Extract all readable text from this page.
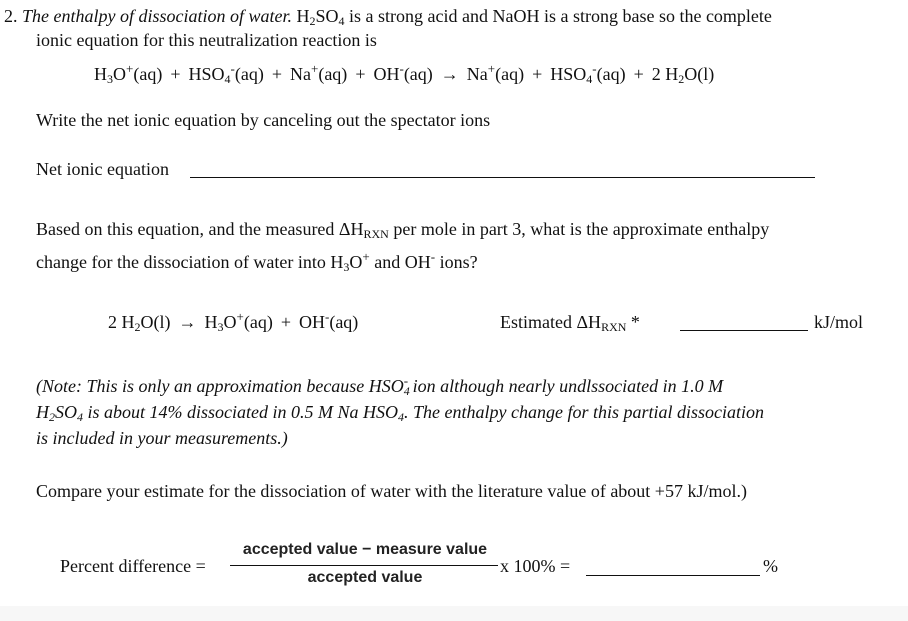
2. The enthalpy of dissociation of water. $H_2SO_4$ is a strong acid and NaOH is a strong base so the complete
ionic equation for this neutralization reaction is
$H_3O^+(aq) + HSO_4^-(aq) + Na^+(aq) + OH^-(aq) \to Na^+(aq) + HSO_4^-(aq) + 2$ $H_2O(l)$
Write the net ionic equation by canceling out the spectator ions
Net ionic equation
Based on this equation, and the measured $\Delta H_{RXN}$ per mole in part 3, what is the approximate enthalpy
change for the dissociation of water into $H_3O^+$ and OH- ions?
2 $H_2O(l) \to H_3O^+(aq) + OH^-(aq)$	Estimated $\Delta H_{RXN}$ *	kJ/mol
(Note: This is only an approximation because $HSO_4^-$ ion although nearly undlssociated in 1.0 M
$H_2SO_4$ is about 14% dissociated in 0.5 M Na $HSO_4$. The enthalpy change for this partial dissociation
is included in your measurements.)
Compare your estimate for the dissociation of water with the literature value of about +57 kJ/mol.)
Percent difference =
accepted value − measure value
accepted value
x 100% =	%
